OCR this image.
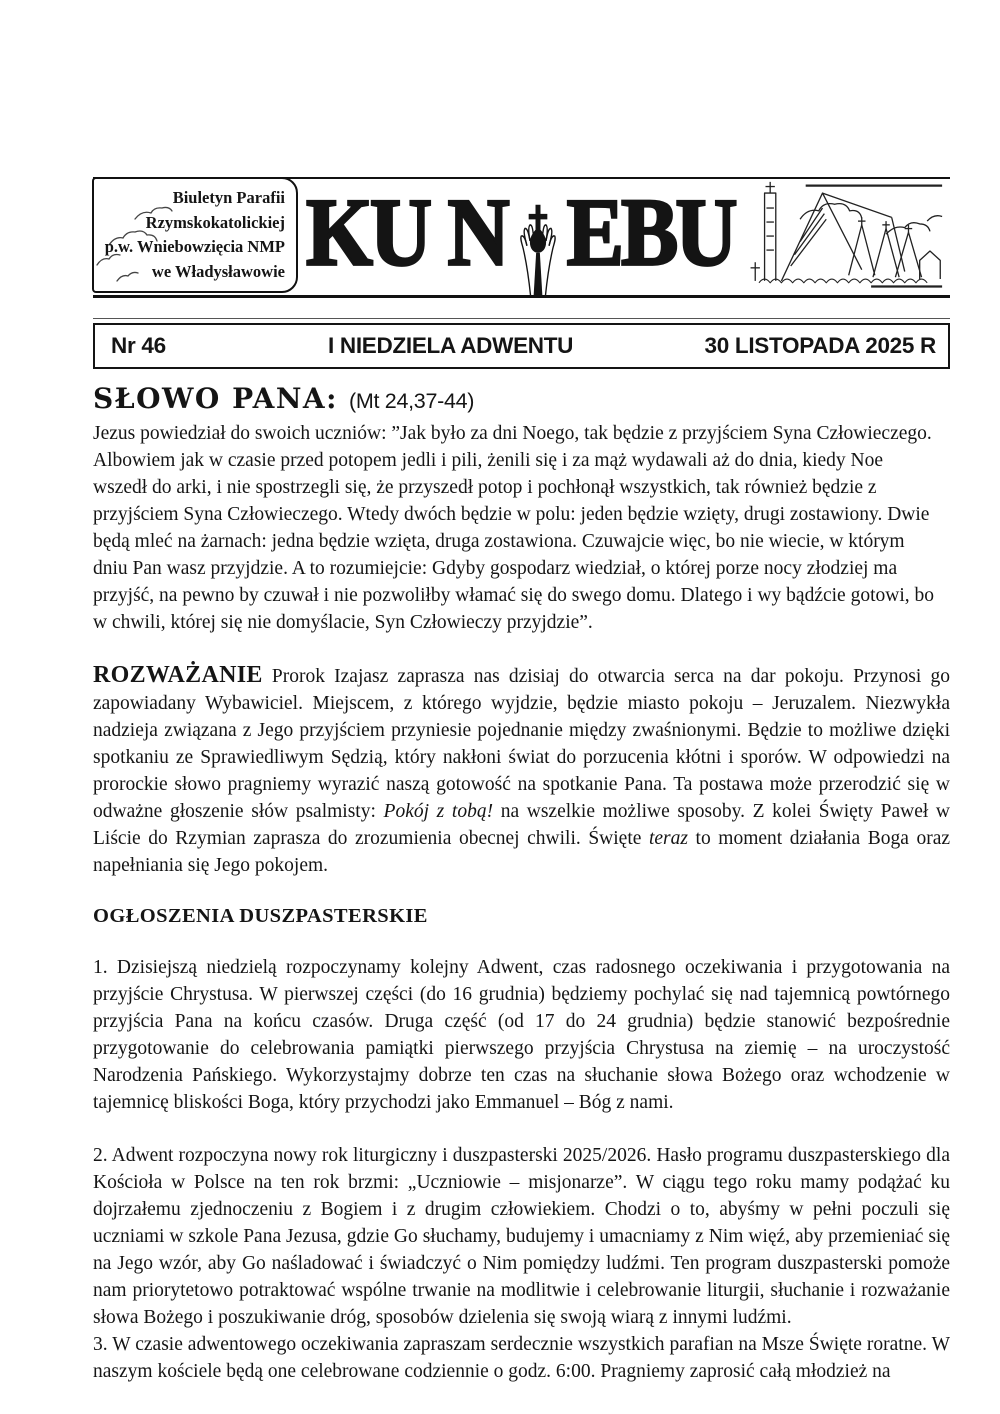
Biuletyn Parafii
Rzymskokatolickiej
p.w. Wniebowzięcia NMP
we Władysławowie KU N EBU
Nr 46	I NIEDZIELA ADWENTU	30 LISTOPADA 2025 R
SŁOWO PANA: (Mt 24,37-44)
Jezus powiedział do swoich uczniów: ”Jak było za dni Noego, tak będzie z przyjściem Syna Człowieczego. Albowiem jak w czasie przed potopem jedli i pili, żenili się i za mąż wydawali aż do dnia, kiedy Noe wszedł do arki, i nie spostrzegli się, że przyszedł potop i pochłonął wszystkich, tak również będzie z przyjściem Syna Człowieczego. Wtedy dwóch będzie w polu: jeden będzie wzięty, drugi zostawiony. Dwie będą mleć na żarnach: jedna będzie wzięta, druga zostawiona. Czuwajcie więc, bo nie wiecie, w którym dniu Pan wasz przyjdzie. A to rozumiejcie: Gdyby gospodarz wiedział, o której porze nocy złodziej ma przyjść, na pewno by czuwał i nie pozwoliłby włamać się do swego domu. Dlatego i wy bądźcie gotowi, bo w chwili, której się nie domyślacie, Syn Człowieczy przyjdzie”.
ROZWAŻANIE Prorok Izajasz zaprasza nas dzisiaj do otwarcia serca na dar pokoju. Przynosi go zapowiadany Wybawiciel. Miejscem, z którego wyjdzie, będzie miasto pokoju – Jeruzalem. Niezwykła nadzieja związana z Jego przyjściem przyniesie pojednanie między zwaśnionymi. Będzie to możliwe dzięki spotkaniu ze Sprawiedliwym Sędzią, który nakłoni świat do porzucenia kłótni i sporów. W odpowiedzi na prorockie słowo pragniemy wyrazić naszą gotowość na spotkanie Pana. Ta postawa może przerodzić się w odważne głoszenie słów psalmisty: Pokój z tobą! na wszelkie możliwe sposoby. Z kolei Święty Paweł w Liście do Rzymian zaprasza do zrozumienia obecnej chwili. Święte teraz to moment działania Boga oraz napełniania się Jego pokojem.
OGŁOSZENIA DUSZPASTERSKIE
1. Dzisiejszą niedzielą rozpoczynamy kolejny Adwent, czas radosnego oczekiwania i przygotowania na przyjście Chrystusa. W pierwszej części (do 16 grudnia) będziemy pochylać się nad tajemnicą powtórnego przyjścia Pana na końcu czasów. Druga część (od 17 do 24 grudnia) będzie stanowić bezpośrednie przygotowanie do celebrowania pamiątki pierwszego przyjścia Chrystusa na ziemię – na uroczystość Narodzenia Pańskiego. Wykorzystajmy dobrze ten czas na słuchanie słowa Bożego oraz wchodzenie w tajemnicę bliskości Boga, który przychodzi jako Emmanuel – Bóg z nami.
2. Adwent rozpoczyna nowy rok liturgiczny i duszpasterski 2025/2026. Hasło programu duszpasterskiego dla Kościoła w Polsce na ten rok brzmi: „Uczniowie – misjonarze”. W ciągu tego roku mamy podążać ku dojrzałemu zjednoczeniu z Bogiem i z drugim człowiekiem. Chodzi o to, abyśmy w pełni poczuli się uczniami w szkole Pana Jezusa, gdzie Go słuchamy, budujemy i umacniamy z Nim więź, aby przemieniać się na Jego wzór, aby Go naśladować i świadczyć o Nim pomiędzy ludźmi. Ten program duszpasterski pomoże nam priorytetowo potraktować wspólne trwanie na modlitwie i celebrowanie liturgii, słuchanie i rozważanie słowa Bożego i poszukiwanie dróg, sposobów dzielenia się swoją wiarą z innymi ludźmi.
3. W czasie adwentowego oczekiwania zapraszam serdecznie wszystkich parafian na Msze Święte roratne. W naszym kościele będą one celebrowane codziennie o godz. 6:00. Pragniemy zaprosić całą młodzież na
